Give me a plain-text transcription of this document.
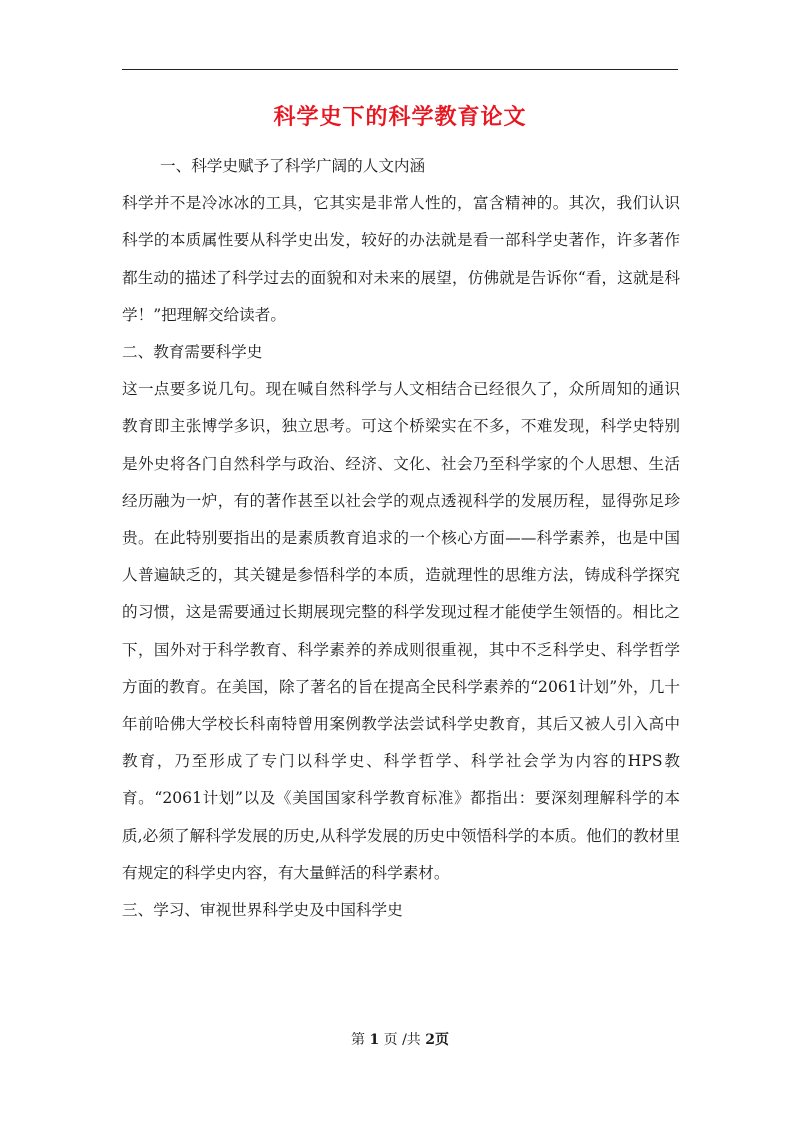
科学史下的科学教育论文

一、科学史赋予了科学广阔的人文内涵

科学并不是冷冰冰的工具，它其实是非常人性的，富含精神的。其次，我们认识科学的本质属性要从科学史出发，较好的办法就是看一部科学史著作，许多著作都生动的描述了科学过去的面貌和对未来的展望，仿佛就是告诉你“看，这就是科学！”把理解交给读者。

二、教育需要科学史

这一点要多说几句。现在喊自然科学与人文相结合已经很久了，众所周知的通识教育即主张博学多识，独立思考。可这个桥梁实在不多，不难发现，科学史特别是外史将各门自然科学与政治、经济、文化、社会乃至科学家的个人思想、生活经历融为一炉，有的著作甚至以社会学的观点透视科学的发展历程，显得弥足珍贵。在此特别要指出的是素质教育追求的一个核心方面——科学素养，也是中国人普遍缺乏的，其关键是参悟科学的本质，造就理性的思维方法，铸成科学探究的习惯，这是需要通过长期展现完整的科学发现过程才能使学生领悟的。相比之下，国外对于科学教育、科学素养的养成则很重视，其中不乏科学史、科学哲学方面的教育。在美国，除了著名的旨在提高全民科学素养的“2061计划”外，几十年前哈佛大学校长科南特曾用案例教学法尝试科学史教育，其后又被人引入高中教育，乃至形成了专门以科学史、科学哲学、科学社会学为内容的HPS教育。“2061计划”以及《美国国家科学教育标准》都指出：要深刻理解科学的本质,必须了解科学发展的历史,从科学发展的历史中领悟科学的本质。他们的教材里有规定的科学史内容，有大量鲜活的科学素材。

三、学习、审视世界科学史及中国科学史

第 1 页 /共 2页
